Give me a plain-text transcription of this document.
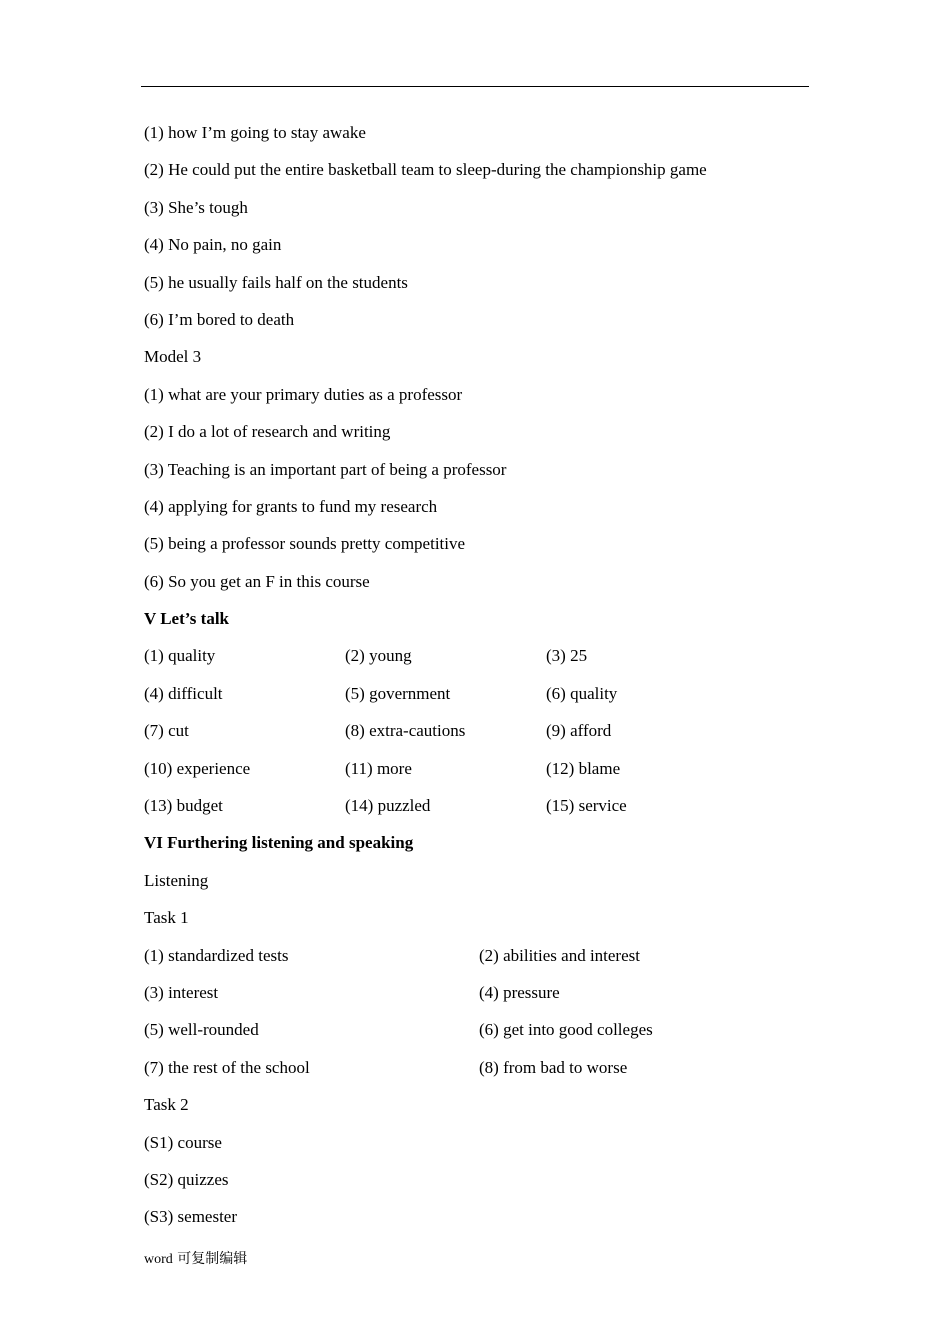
(1) how I’m going to stay awake
(2) He could put the entire basketball team to sleep-during the championship game
(3) She’s tough
(4) No pain, no gain
(5) he usually fails half on the students
(6) I’m bored to death
Model 3
(1) what are your primary duties as a professor
(2) I do a lot of research and writing
(3) Teaching is an important part of being a professor
(4) applying for grants to fund my research
(5) being a professor sounds pretty competitive
(6) So you get an F in this course
V Let’s talk
(1) quality	(2) young	(3) 25
(4) difficult	(5) government	(6) quality
(7) cut	(8) extra-cautions	(9) afford
(10) experience	(11) more	(12) blame
(13) budget	(14) puzzled	(15) service
VI Furthering listening and speaking
Listening
Task 1
(1) standardized tests	(2) abilities and interest
(3) interest	(4) pressure
(5) well-rounded	(6) get into good colleges
(7) the rest of the school	(8) from bad to worse
Task 2
(S1) course
(S2) quizzes
(S3) semester
word 可复制编辑
